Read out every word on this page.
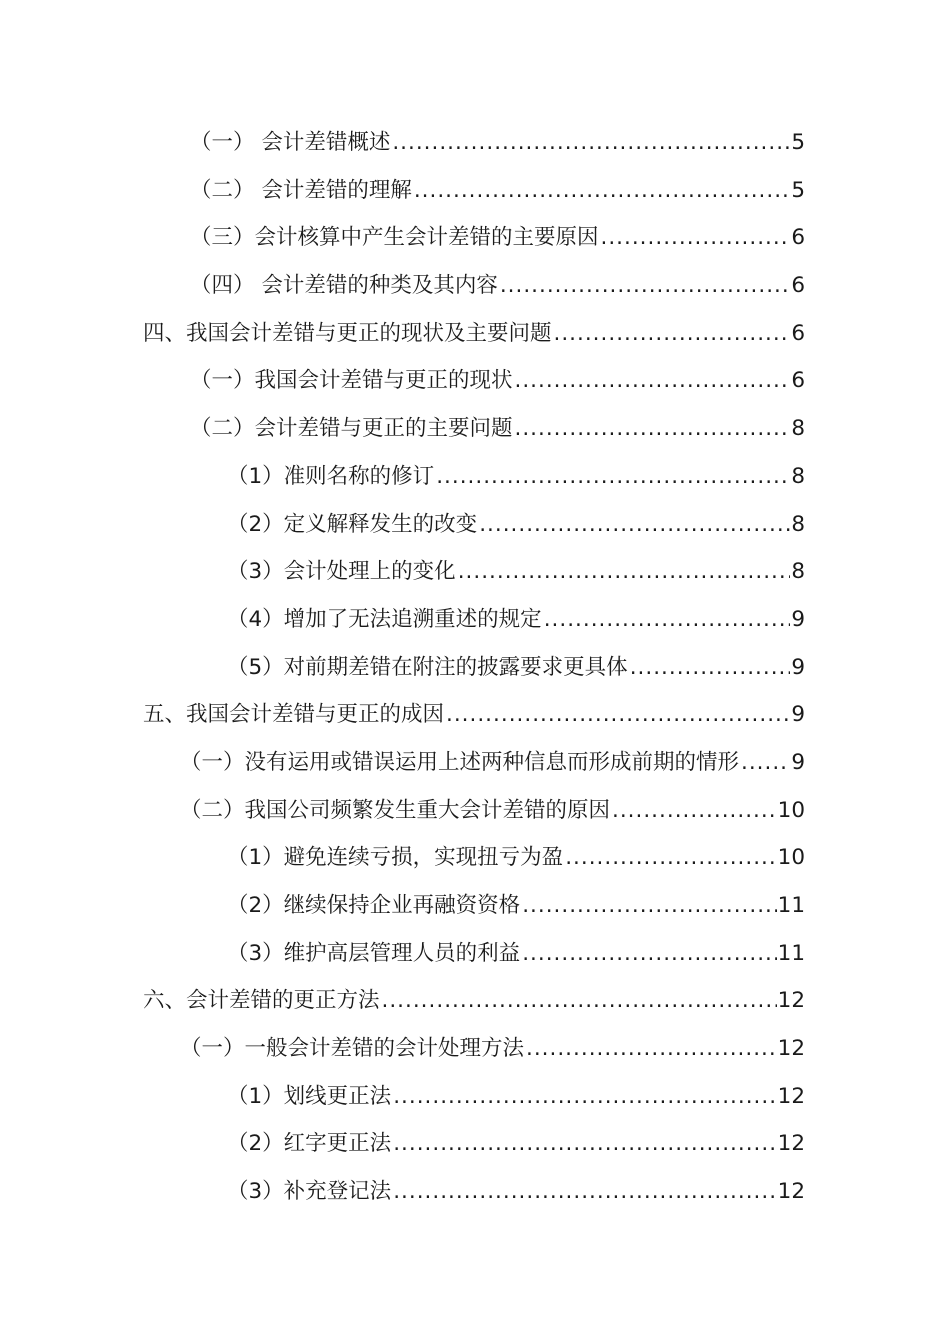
（一） 会计差错概述 .....	5
（二） 会计差错的理解 .....	5
（三）会计核算中产生会计差错的主要原因 .....	6
（四） 会计差错的种类及其内容 .....	6
四、我国会计差错与更正的现状及主要问题 .....	6
（一）我国会计差错与更正的现状 .....	6
（二）会计差错与更正的主要问题 .....	8
（1）准则名称的修订 .....	8
（2）定义解释发生的改变 .....	8
（3）会计处理上的变化 .....	8
（4）增加了无法追溯重述的规定 .....	9
（5）对前期差错在附注的披露要求更具体 .....	9
五、我国会计差错与更正的成因 .....	9
（一）没有运用或错误运用上述两种信息而形成前期的情形 ..... 9
（二）我国公司频繁发生重大会计差错的原因 .....	10
（1）避免连续亏损，实现扭亏为盈 .....	10
（2）继续保持企业再融资资格 .....	11
（3）维护高层管理人员的利益 .....	11
六、会计差错的更正方法 .....	12
（一）一般会计差错的会计处理方法 .....	12
（1）划线更正法 .....	12
（2）红字更正法 .....	12
（3）补充登记法 .....	12
